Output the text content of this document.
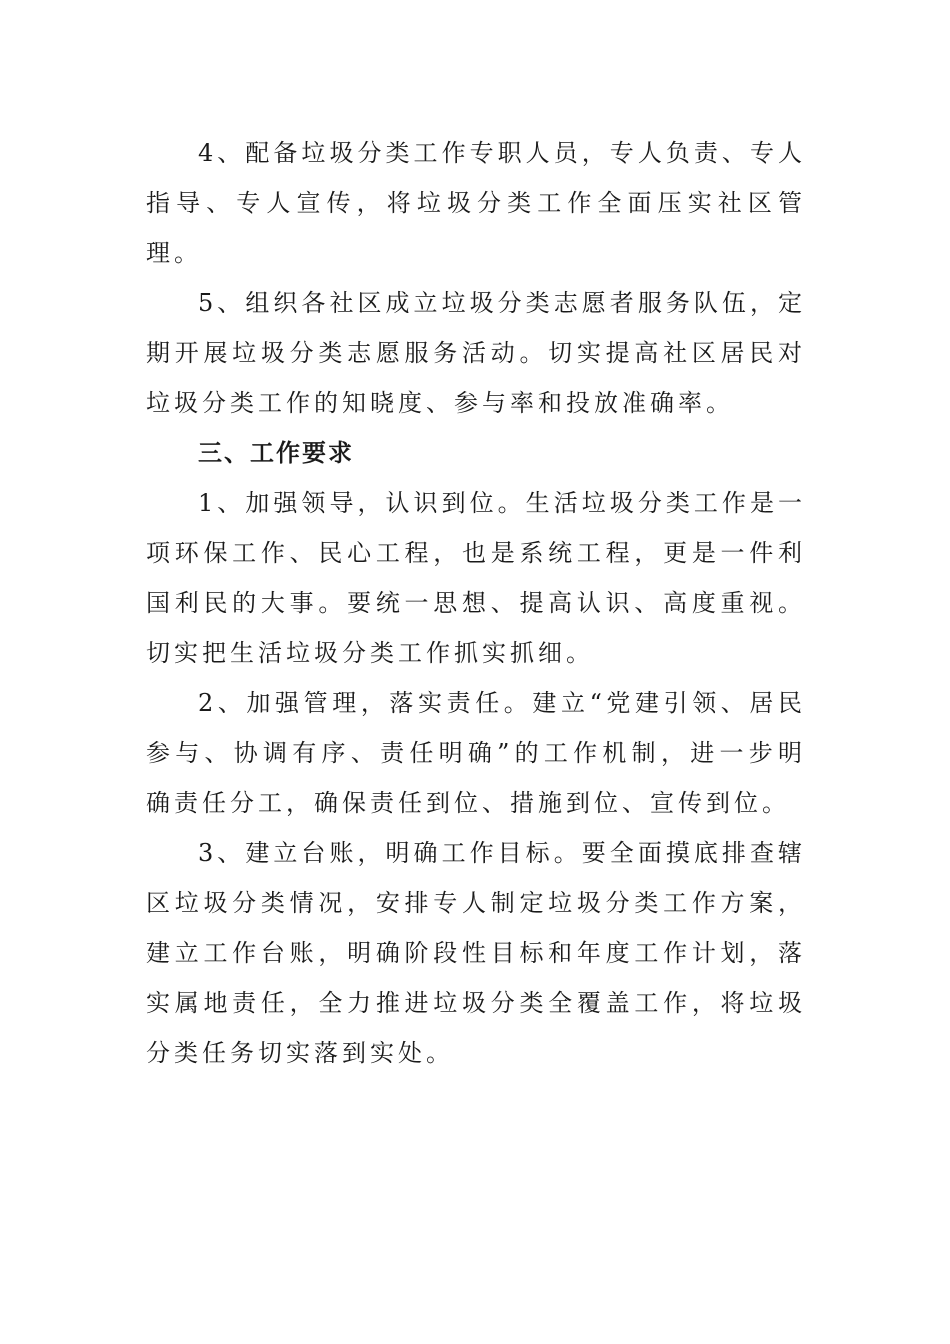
4、配备垃圾分类工作专职人员，专人负责、专人指导、专人宣传，将垃圾分类工作全面压实社区管理。

5、组织各社区成立垃圾分类志愿者服务队伍，定期开展垃圾分类志愿服务活动。切实提高社区居民对垃圾分类工作的知晓度、参与率和投放准确率。

三、工作要求

1、加强领导，认识到位。生活垃圾分类工作是一项环保工作、民心工程，也是系统工程，更是一件利国利民的大事。要统一思想、提高认识、高度重视。切实把生活垃圾分类工作抓实抓细。

2、加强管理，落实责任。建立“党建引领、居民参与、协调有序、责任明确”的工作机制，进一步明确责任分工，确保责任到位、措施到位、宣传到位。

3、建立台账，明确工作目标。要全面摸底排查辖区垃圾分类情况，安排专人制定垃圾分类工作方案，建立工作台账，明确阶段性目标和年度工作计划，落实属地责任，全力推进垃圾分类全覆盖工作，将垃圾分类任务切实落到实处。
